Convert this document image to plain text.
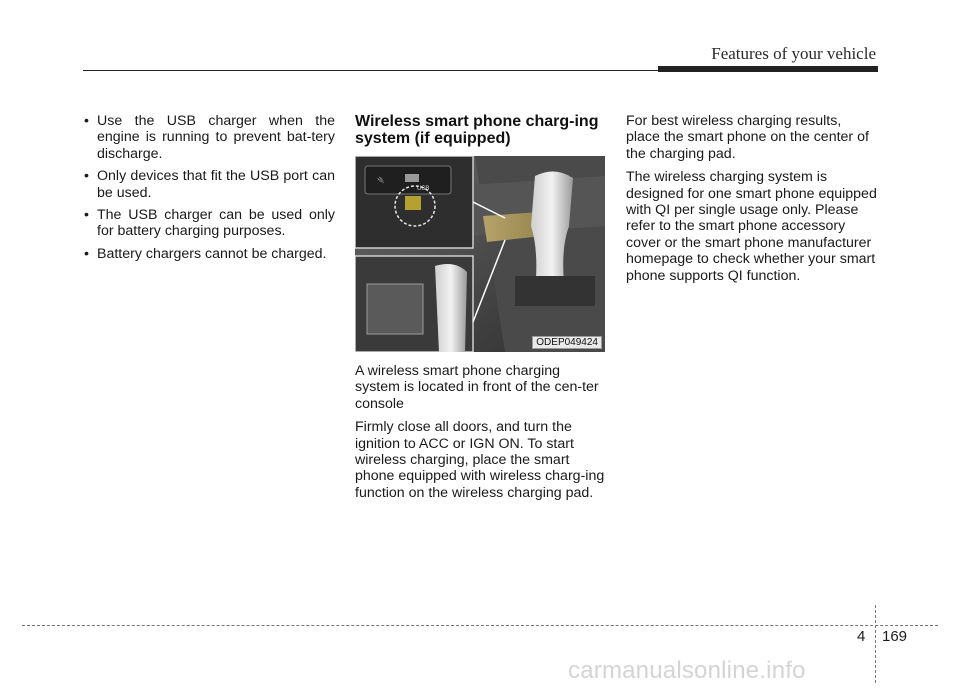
Features of your vehicle
• Use the USB charger when the engine is running to prevent bat-tery discharge.
• Only devices that fit the USB port can be used.
• The USB charger can be used only for battery charging purposes.
• Battery chargers cannot be charged.
Wireless smart phone charg-ing system (if equipped)
🔌
USB
ODEP049424

A wireless smart phone charging system is located in front of the cen-ter console

Firmly close all doors, and turn the ignition to ACC or IGN ON. To start wireless charging, place the smart phone equipped with wireless charg-ing function on the wireless charging pad.

For best wireless charging results, place the smart phone on the center of the charging pad.

The wireless charging system is designed for one smart phone equipped with QI per single usage only. Please refer to the smart phone accessory cover or the smart phone manufacturer homepage to check whether your smart phone supports QI function.

4 169
carmanualsonline.info
